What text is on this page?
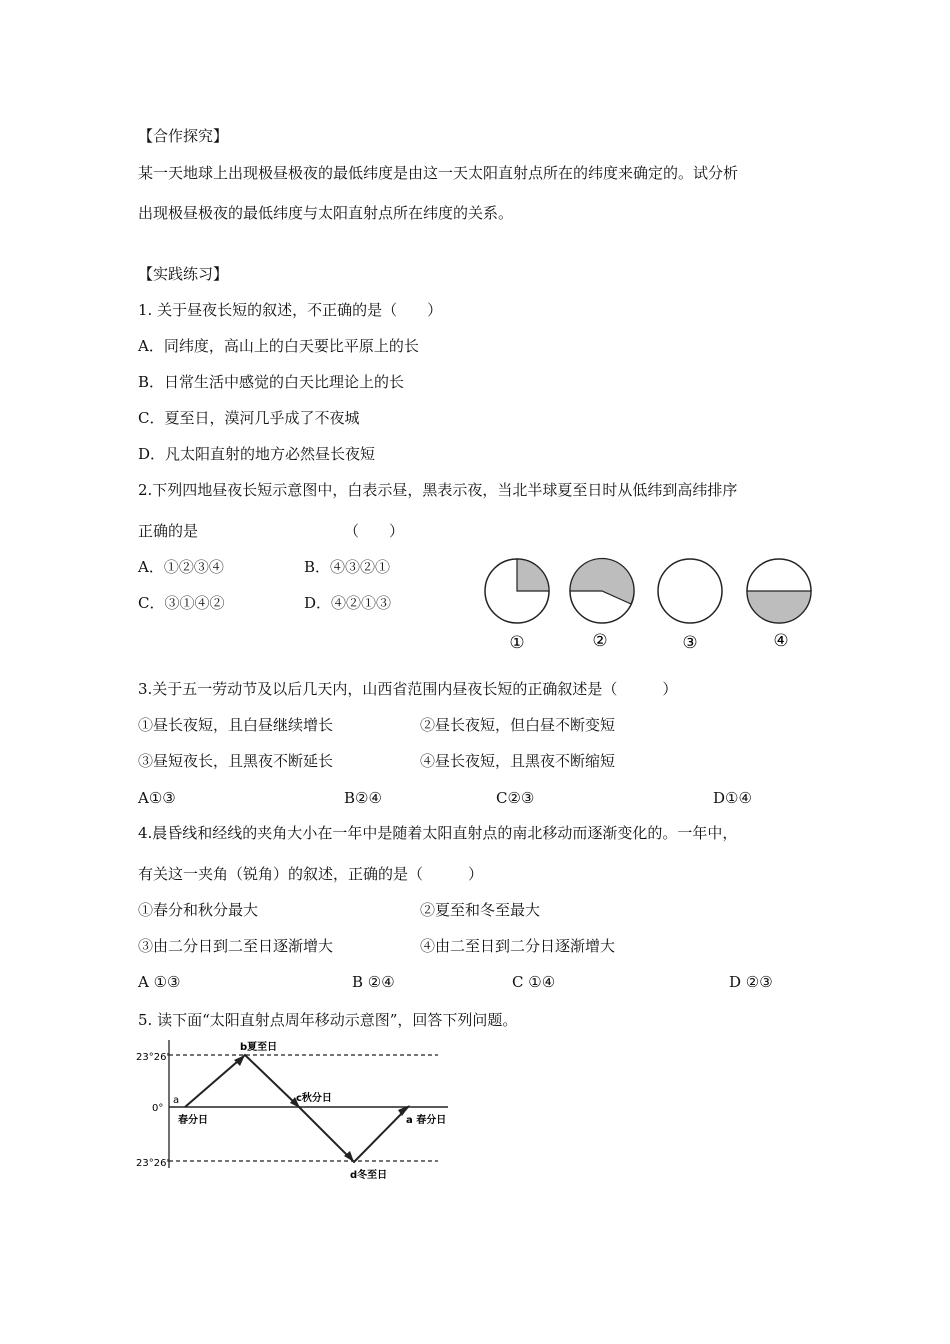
【合作探究】
某一天地球上出现极昼极夜的最低纬度是由这一天太阳直射点所在的纬度来确定的。试分析
出现极昼极夜的最低纬度与太阳直射点所在纬度的关系。
【实践练习】
1. 关于昼夜长短的叙述，不正确的是（　　）
A．同纬度，高山上的白天要比平原上的长
B．日常生活中感觉的白天比理论上的长
C．夏至日，漠河几乎成了不夜城
D．凡太阳直射的地方必然昼长夜短
2.下列四地昼夜长短示意图中，白表示昼，黑表示夜，当北半球夏至日时从低纬到高纬排序
正确的是	（　　）
A．①②③④	B．④③②①
C．③①④②	D．④②①③
①	②	③	④
3.关于五一劳动节及以后几天内，山西省范围内昼夜长短的正确叙述是（　　　）
①昼长夜短，且白昼继续增长	②昼长夜短，但白昼不断变短
③昼短夜长，且黑夜不断延长	④昼长夜短，且黑夜不断缩短
A①③	B②④	C②③	D①④
4.晨昏线和经线的夹角大小在一年中是随着太阳直射点的南北移动而逐渐变化的。一年中，
有关这一夹角（锐角）的叙述，正确的是（　　　）
①春分和秋分最大	②夏至和冬至最大
③由二分日到二至日逐渐增大	④由二至日到二分日逐渐增大
A ①③	B ②④	C ①④	D ②③
5. 读下面“太阳直射点周年移动示意图”，回答下列问题。
23°26'
0°
23°26'
a
春分日
b夏至日
c秋分日
d冬至日
a 春分日
